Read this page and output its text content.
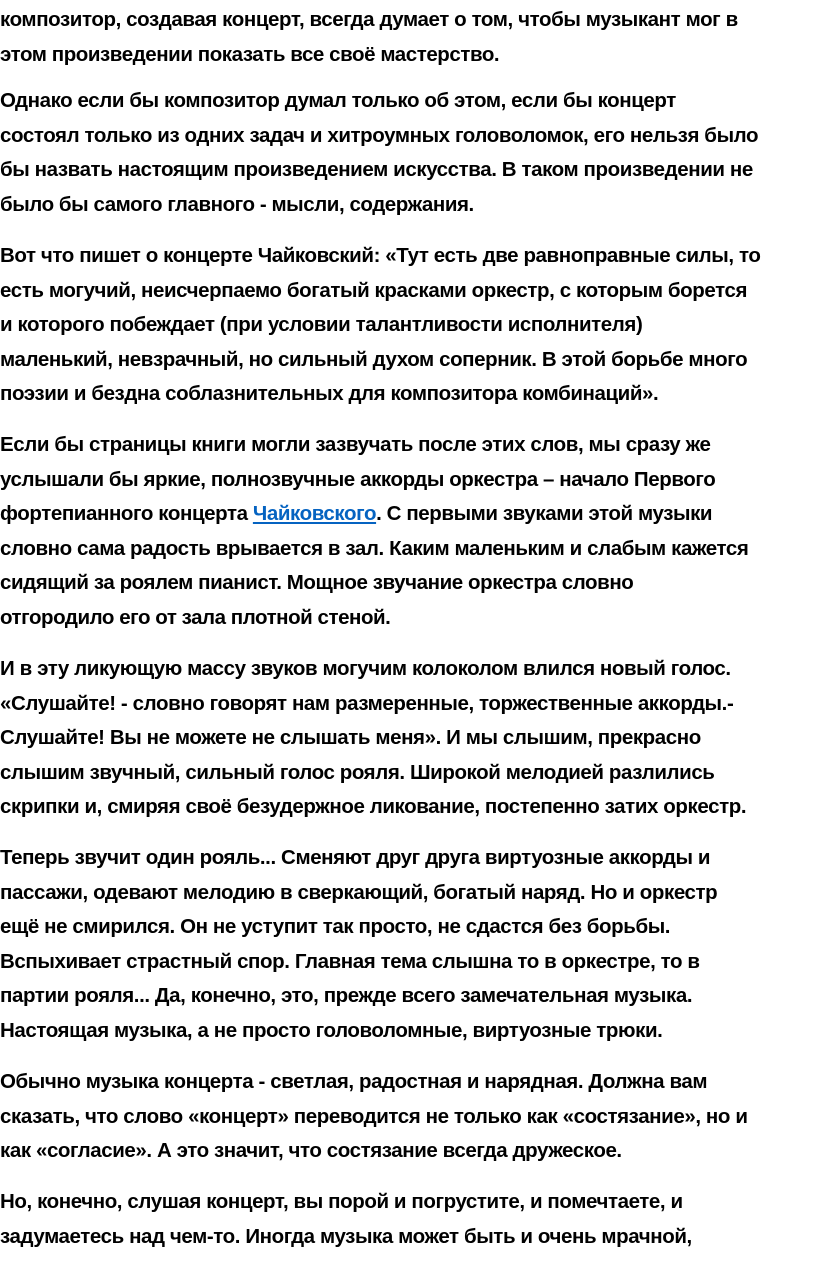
композитор, создавая концерт, всегда думает о том, чтобы музыкант мог в
этом произведении показать все своё мастерство.
Однако если бы композитор думал только об этом, если бы концерт
состоял только из одних задач и хитроумных головоломок, его нельзя было
бы назвать настоящим произведением искусства. В таком произведении не
было бы самого главного - мысли, содержания.
Вот что пишет о концерте Чайковский: «Тут есть две равноправные силы, то
есть могучий, неисчерпаемо богатый красками оркестр, с которым борется
и которого побеждает (при условии талантливости исполнителя)
маленький, невзрачный, но сильный духом соперник. В этой борьбе много
поэзии и бездна соблазнительных для композитора комбинаций».
Если бы страницы книги могли зазвучать после этих слов, мы сразу же
услышали бы яркие, полнозвучные аккорды оркестра – начало Первого
фортепианного концерта Чайковского. С первыми звуками этой музыки
словно сама радость врывается в зал. Каким маленьким и слабым кажется
сидящий за роялем пианист. Мощное звучание оркестра словно
отгородило его от зала плотной стеной.
И в эту ликующую массу звуков могучим колоколом влился новый голос.
«Слушайте! - словно говорят нам размеренные, торжественные аккорды.-
Слушайте! Вы не можете не слышать меня». И мы слышим, прекрасно
слышим звучный, сильный голос рояля. Широкой мелодией разлились
скрипки и, смиряя своё безудержное ликование, постепенно затих оркестр.
Теперь звучит один рояль... Сменяют друг друга виртуозные аккорды и
пассажи, одевают мелодию в сверкающий, богатый наряд. Но и оркестр
ещё не смирился. Он не уступит так просто, не сдастся без борьбы.
Вспыхивает страстный спор. Главная тема слышна то в оркестре, то в
партии рояля... Да, конечно, это, прежде всего замечательная музыка.
Настоящая музыка, а не просто головоломные, виртуозные трюки.
Обычно музыка концерта - светлая, радостная и нарядная. Должна вам
сказать, что слово «концерт» переводится не только как «состязание», но и
как «согласие». А это значит, что состязание всегда дружеское.
Но, конечно, слушая концерт, вы порой и погрустите, и помечтаете, и
задумаетесь над чем-то. Иногда музыка может быть и очень мрачной,
